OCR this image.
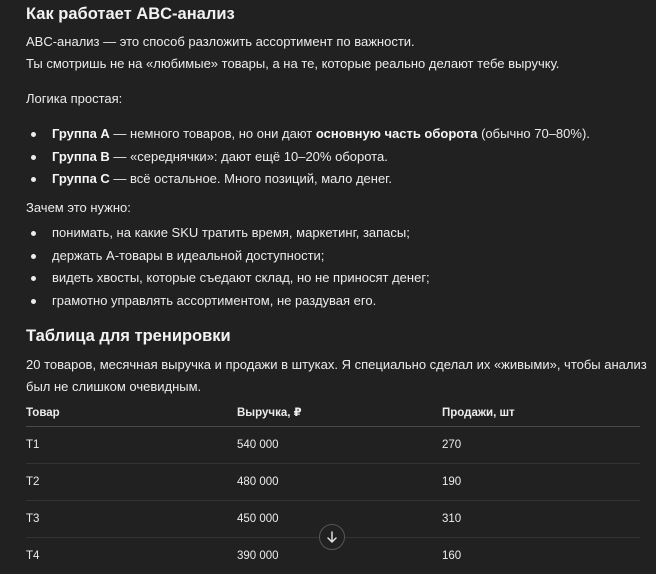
Как работает ABC-анализ

ABC-анализ — это способ разложить ассортимент по важности.

Ты смотришь не на «любимые» товары, а на те, которые реально делают тебе выручку.

Логика простая:

Группа A — немного товаров, но они дают основную часть оборота (обычно 70–80%).
Группа B — «середнячки»: дают ещё 10–20% оборота.
Группа C — всё остальное. Много позиций, мало денег.

Зачем это нужно:

понимать, на какие SKU тратить время, маркетинг, запасы;
держать A-товары в идеальной доступности;
видеть хвосты, которые съедают склад, но не приносят денег;
грамотно управлять ассортиментом, не раздувая его.
Таблица для тренировки

20 товаров, месячная выручка и продажи в штуках. Я специально сделал их «живыми», чтобы анализ

был не слишком очевидным.

Товар	Выручка, ₽	Продажи, шт
T1	540 000	270
T2	480 000	190
T3	450 000	310
T4	390 000	160
